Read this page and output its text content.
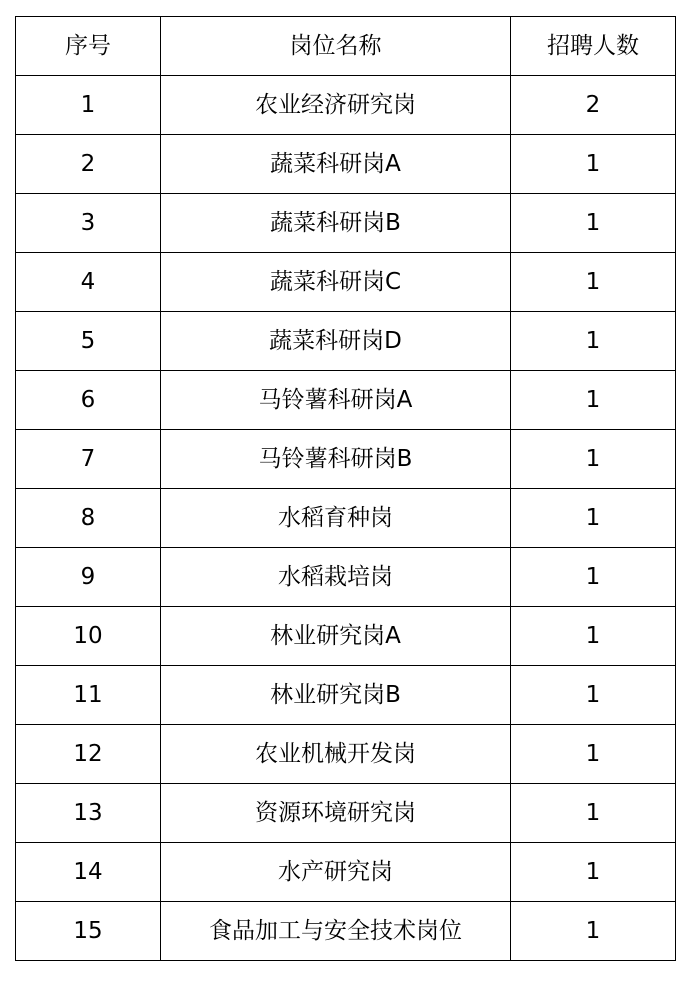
序号	岗位名称	招聘人数
1	农业经济研究岗	2
2	蔬菜科研岗A	1
3	蔬菜科研岗B	1
4	蔬菜科研岗C	1
5	蔬菜科研岗D	1
6	马铃薯科研岗A	1
7	马铃薯科研岗B	1
8	水稻育种岗	1
9	水稻栽培岗	1
10	林业研究岗A	1
11	林业研究岗B	1
12	农业机械开发岗	1
13	资源环境研究岗	1
14	水产研究岗	1
15	食品加工与安全技术岗位	1
